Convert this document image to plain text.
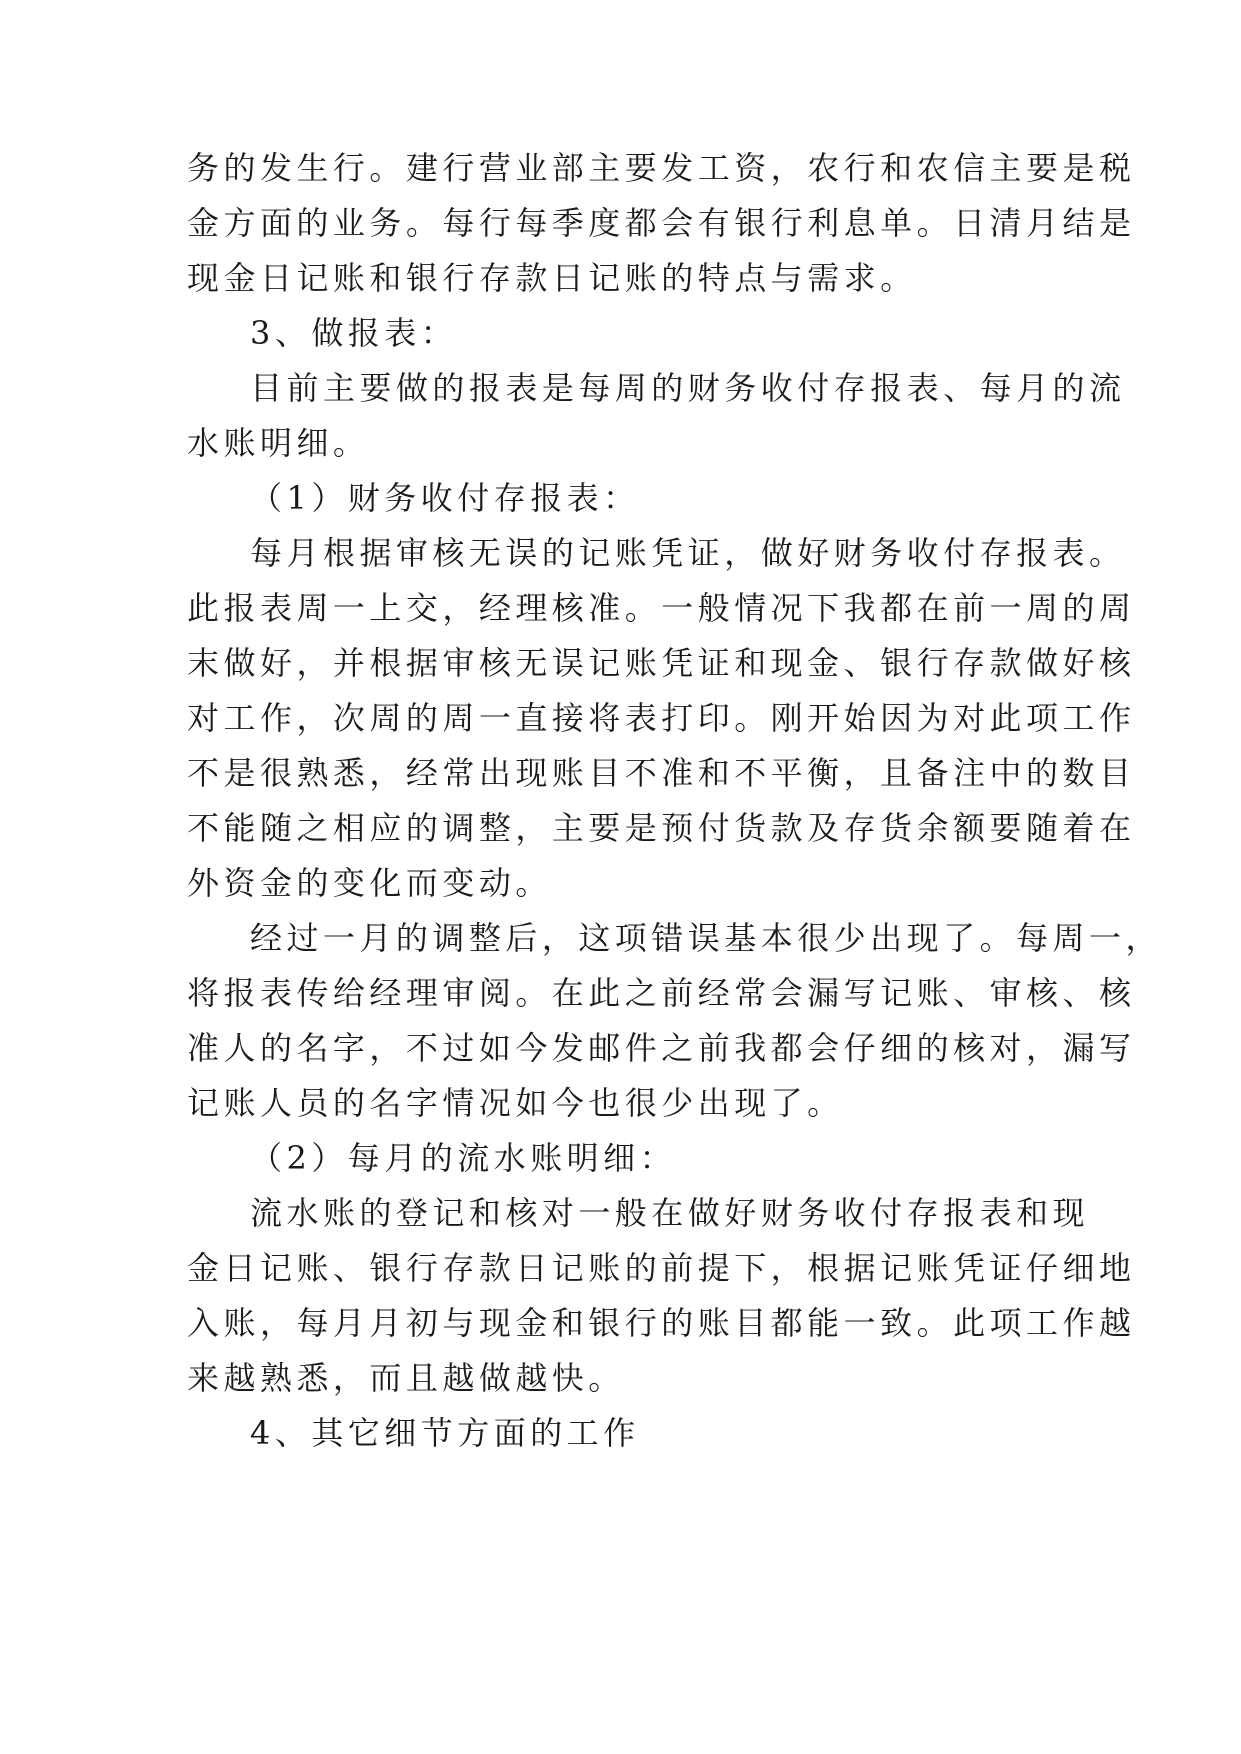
务的发生行。建行营业部主要发工资，农行和农信主要是税
金方面的业务。每行每季度都会有银行利息单。日清月结是
现金日记账和银行存款日记账的特点与需求。
3、做报表：
目前主要做的报表是每周的财务收付存报表、每月的流
水账明细。
（1）财务收付存报表：
每月根据审核无误的记账凭证，做好财务收付存报表。
此报表周一上交，经理核准。一般情况下我都在前一周的周
末做好，并根据审核无误记账凭证和现金、银行存款做好核
对工作，次周的周一直接将表打印。刚开始因为对此项工作
不是很熟悉，经常出现账目不准和不平衡，且备注中的数目
不能随之相应的调整，主要是预付货款及存货余额要随着在
外资金的变化而变动。
经过一月的调整后，这项错误基本很少出现了。每周一，
将报表传给经理审阅。在此之前经常会漏写记账、审核、核
准人的名字，不过如今发邮件之前我都会仔细的核对，漏写
记账人员的名字情况如今也很少出现了。
（2）每月的流水账明细：
流水账的登记和核对一般在做好财务收付存报表和现
金日记账、银行存款日记账的前提下，根据记账凭证仔细地
入账，每月月初与现金和银行的账目都能一致。此项工作越
来越熟悉，而且越做越快。
4、其它细节方面的工作
